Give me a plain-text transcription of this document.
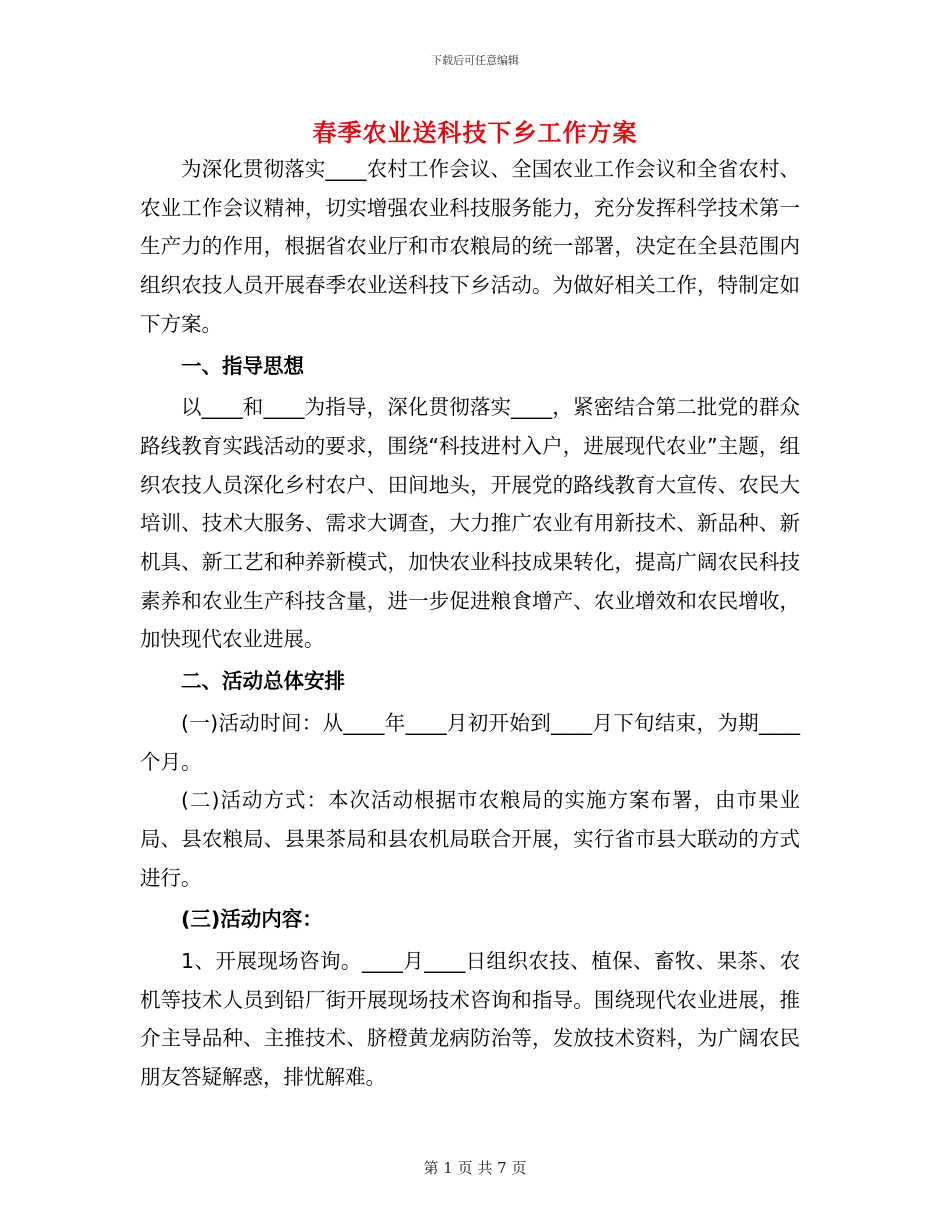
下载后可任意编辑
春季农业送科技下乡工作方案

为深化贯彻落实____农村工作会议、全国农业工作会议和全省农村、农业工作会议精神，切实增强农业科技服务能力，充分发挥科学技术第一生产力的作用，根据省农业厅和市农粮局的统一部署，决定在全县范围内组织农技人员开展春季农业送科技下乡活动。为做好相关工作，特制定如下方案。

一、指导思想

以____和____为指导，深化贯彻落实____，紧密结合第二批党的群众路线教育实践活动的要求，围绕“科技进村入户，进展现代农业”主题，组织农技人员深化乡村农户、田间地头，开展党的路线教育大宣传、农民大培训、技术大服务、需求大调查，大力推广农业有用新技术、新品种、新机具、新工艺和种养新模式，加快农业科技成果转化，提高广阔农民科技素养和农业生产科技含量，进一步促进粮食增产、农业增效和农民增收，加快现代农业进展。

二、活动总体安排

(一)活动时间：从____年____月初开始到____月下旬结束，为期____个月。

(二)活动方式：本次活动根据市农粮局的实施方案布署，由市果业局、县农粮局、县果茶局和县农机局联合开展，实行省市县大联动的方式进行。

(三)活动内容：

1、开展现场咨询。____月____日组织农技、植保、畜牧、果茶、农机等技术人员到铅厂街开展现场技术咨询和指导。围绕现代农业进展，推介主导品种、主推技术、脐橙黄龙病防治等，发放技术资料，为广阔农民朋友答疑解惑，排忧解难。

第 1 页 共 7 页
